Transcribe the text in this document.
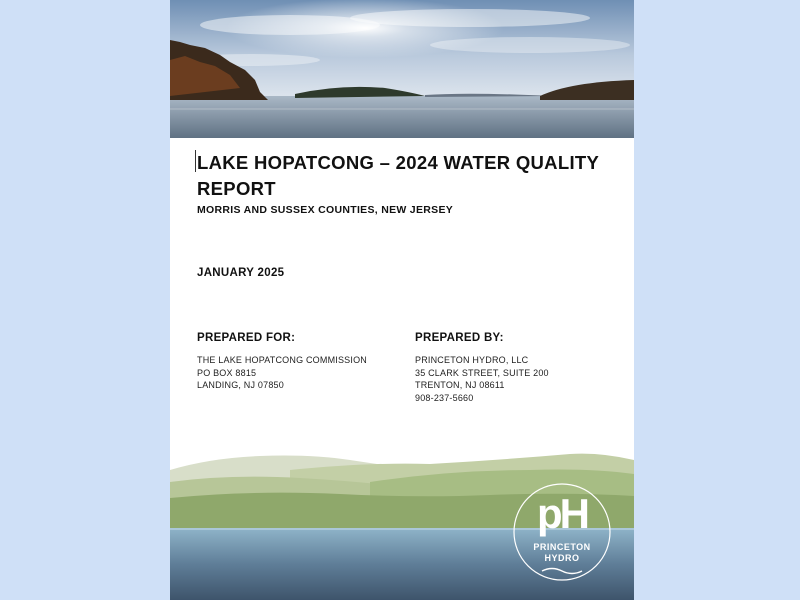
LAKE HOPATCONG – 2024 WATER QUALITY REPORT
MORRIS AND SUSSEX COUNTIES, NEW JERSEY
JANUARY 2025
PREPARED FOR:
THE LAKE HOPATCONG COMMISSION
PO BOX 8815
LANDING, NJ 07850
PREPARED BY:
PRINCETON HYDRO, LLC
35 CLARK STREET, SUITE 200
TRENTON, NJ 08611
908-237-5660
pH
PRINCETON
HYDRO
